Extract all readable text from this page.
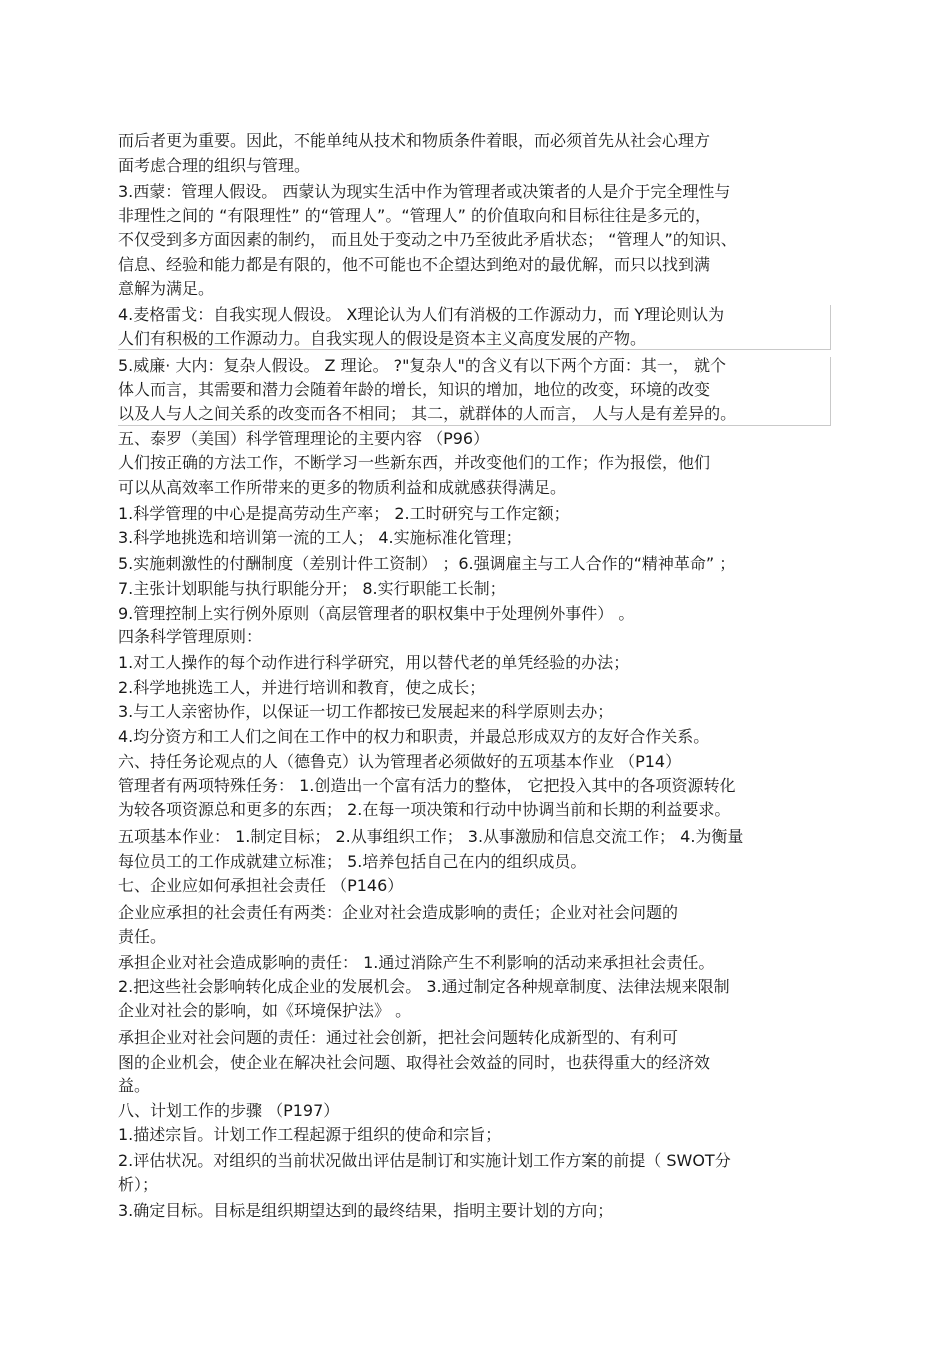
而后者更为重要。因此，不能单纯从技术和物质条件着眼，而必须首先从社会心理方
面考虑合理的组织与管理。
3.西蒙：管理人假设。 西蒙认为现实生活中作为管理者或决策者的人是介于完全理性与
非理性之间的 “有限理性” 的“管理人”。“管理人” 的价值取向和目标往往是多元的，
不仅受到多方面因素的制约， 而且处于变动之中乃至彼此矛盾状态； “管理人”的知识、
信息、经验和能力都是有限的，他不可能也不企望达到绝对的最优解，而只以找到满
意解为满足。
4.麦格雷戈：自我实现人假设。 X理论认为人们有消极的工作源动力，而 Y理论则认为
人们有积极的工作源动力。自我实现人的假设是资本主义高度发展的产物。
5.威廉· 大内：复杂人假设。 Z 理论。 ?"复杂人"的含义有以下两个方面：其一， 就个
体人而言，其需要和潜力会随着年龄的增长，知识的增加，地位的改变，环境的改变
以及人与人之间关系的改变而各不相同； 其二，就群体的人而言， 人与人是有差异的。
五、泰罗（美国）科学管理理论的主要内容 （P96）
人们按正确的方法工作，不断学习一些新东西，并改变他们的工作；作为报偿，他们
可以从高效率工作所带来的更多的物质利益和成就感获得满足。
1.科学管理的中心是提高劳动生产率； 2.工时研究与工作定额；
3.科学地挑选和培训第一流的工人； 4.实施标准化管理；
5.实施刺激性的付酬制度（差别计件工资制） ；6.强调雇主与工人合作的“精神革命” ；
7.主张计划职能与执行职能分开； 8.实行职能工长制；
9.管理控制上实行例外原则（高层管理者的职权集中于处理例外事件） 。
四条科学管理原则：
1.对工人操作的每个动作进行科学研究，用以替代老的单凭经验的办法；
2.科学地挑选工人，并进行培训和教育，使之成长；
3.与工人亲密协作，以保证一切工作都按已发展起来的科学原则去办；
4.均分资方和工人们之间在工作中的权力和职责，并最总形成双方的友好合作关系。
六、持任务论观点的人（德鲁克）认为管理者必须做好的五项基本作业 （P14）
管理者有两项特殊任务： 1.创造出一个富有活力的整体， 它把投入其中的各项资源转化
为较各项资源总和更多的东西； 2.在每一项决策和行动中协调当前和长期的利益要求。
五项基本作业： 1.制定目标； 2.从事组织工作； 3.从事激励和信息交流工作； 4.为衡量
每位员工的工作成就建立标准； 5.培养包括自己在内的组织成员。
七、企业应如何承担社会责任 （P146）
企业应承担的社会责任有两类：企业对社会造成影响的责任；企业对社会问题的
责任。
承担企业对社会造成影响的责任： 1.通过消除产生不利影响的活动来承担社会责任。
2.把这些社会影响转化成企业的发展机会。 3.通过制定各种规章制度、法律法规来限制
企业对社会的影响，如《环境保护法》 。
承担企业对社会问题的责任：通过社会创新，把社会问题转化成新型的、有利可
图的企业机会，使企业在解决社会问题、取得社会效益的同时，也获得重大的经济效
益。
八、计划工作的步骤 （P197）
1.描述宗旨。计划工作工程起源于组织的使命和宗旨；
2.评估状况。对组织的当前状况做出评估是制订和实施计划工作方案的前提（ SWOT分
析）；
3.确定目标。目标是组织期望达到的最终结果，指明主要计划的方向；
